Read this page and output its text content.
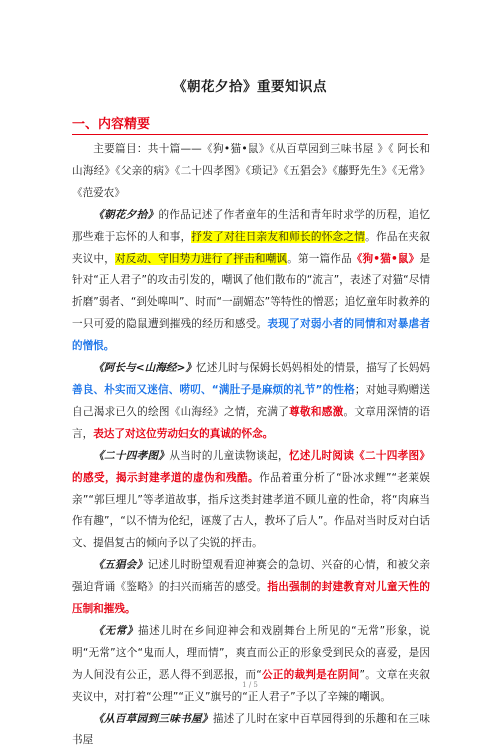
《朝花夕拾》重要知识点
一、内容精要

主要篇目：共十篇——《狗•猫•鼠》《从百草园到三味书屋 》《 阿长和山海经》《父亲的病》《二十四孝图》《琐记》《五猖会》《藤野先生》《无常》 《范爱农》

《朝花夕拾》的作品记述了作者童年的生活和青年时求学的历程，追忆那些难于忘怀的人和事，抒发了对往日亲友和师长的怀念之情。作品在夹叙夹议中，对反动、守旧势力进行了抨击和嘲讽。第一篇作品《狗•猫•鼠》是针对“正人君子”的攻击引发的，嘲讽了他们散布的“流言”，表述了对猫“尽情折磨”弱者、“到处嗥叫”、时而“一副媚态”等特性的憎恶；追忆童年时救养的一只可爱的隐鼠遭到摧残的经历和感受。表现了对弱小者的同情和对暴虐者的憎恨。

《阿长与<山海经>》忆述儿时与保姆长妈妈相处的情景，描写了长妈妈善良、朴实而又迷信、唠叨、“满肚子是麻烦的礼节”的性格；对她寻购赠送自己渴求已久的绘图《山海经》之情，充满了尊敬和感激。文章用深情的语言，表达了对这位劳动妇女的真诚的怀念。

《二十四孝图》从当时的儿童读物谈起，忆述儿时阅读《二十四孝图》的感受，揭示封建孝道的虚伪和残酷。作品着重分析了“卧冰求鲤”“老莱娱亲”“郭巨埋儿”等孝道故事，指斥这类封建孝道不顾儿童的性命，将“肉麻当作有趣”，“以不情为伦纪，诬蔑了古人，教坏了后人”。作品对当时反对白话文、提倡复古的倾向予以了尖锐的抨击。

《五猖会》记述儿时盼望观看迎神赛会的急切、兴奋的心情，和被父亲强迫背诵《鉴略》的扫兴而痛苦的感受。指出强制的封建教育对儿童天性的压制和摧残。

《无常》描述儿时在乡间迎神会和戏剧舞台上所见的“无常”形象，说明“无常”这个“鬼而人，理而情”，爽直而公正的形象受到民众的喜爱，是因为人间没有公正，恶人得不到恶报，而“公正的裁判是在阴间”。文章在夹叙夹议中，对打着“公理”“正义”旗号的“正人君子”予以了辛辣的嘲讽。

《从百草园到三味书屋》描述了儿时在家中百草园得到的乐趣和在三味书屋

1 / 5
